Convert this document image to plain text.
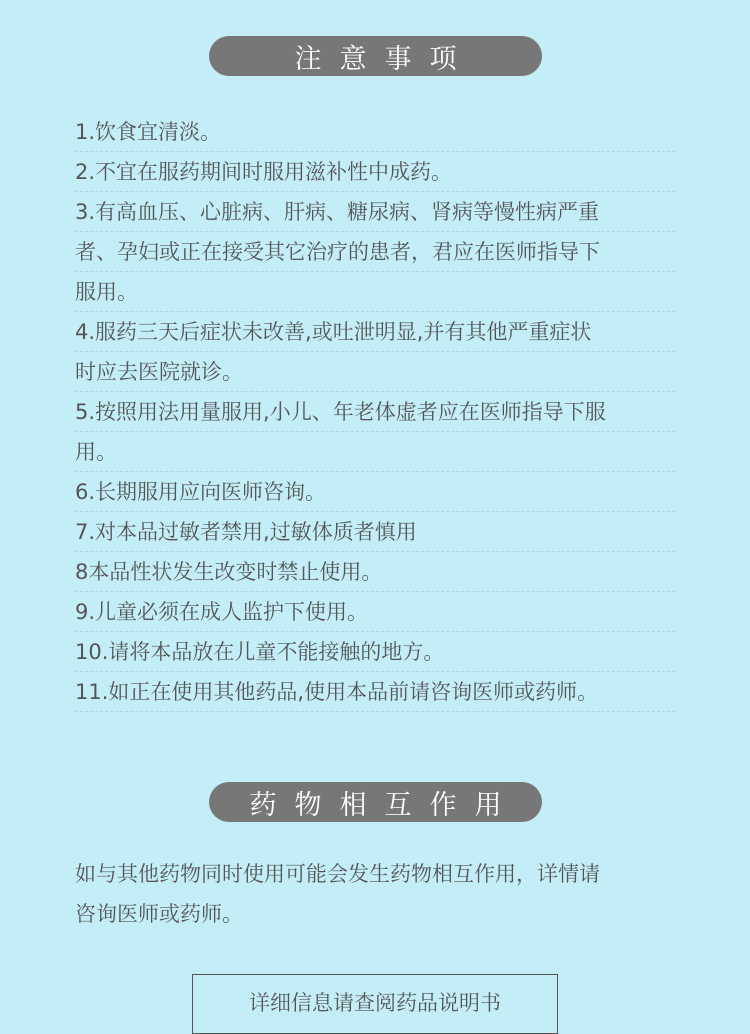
注意事项
1.饮食宜清淡。
2.不宜在服药期间时服用滋补性中成药。
3.有高血压、心脏病、肝病、糖尿病、肾病等慢性病严重
者、孕妇或正在接受其它治疗的患者，君应在医师指导下
服用。
4.服药三天后症状未改善,或吐泄明显,并有其他严重症状
时应去医院就诊。
5.按照用法用量服用,小儿、年老体虚者应在医师指导下服
用。
6.长期服用应向医师咨询。
7.对本品过敏者禁用,过敏体质者慎用
8本品性状发生改变时禁止使用。
9.儿童必须在成人监护下使用。
10.请将本品放在儿童不能接触的地方。
11.如正在使用其他药品,使用本品前请咨询医师或药师。
药物相互作用

如与其他药物同时使用可能会发生药物相互作用，详情请
咨询医师或药师。

详细信息请查阅药品说明书
